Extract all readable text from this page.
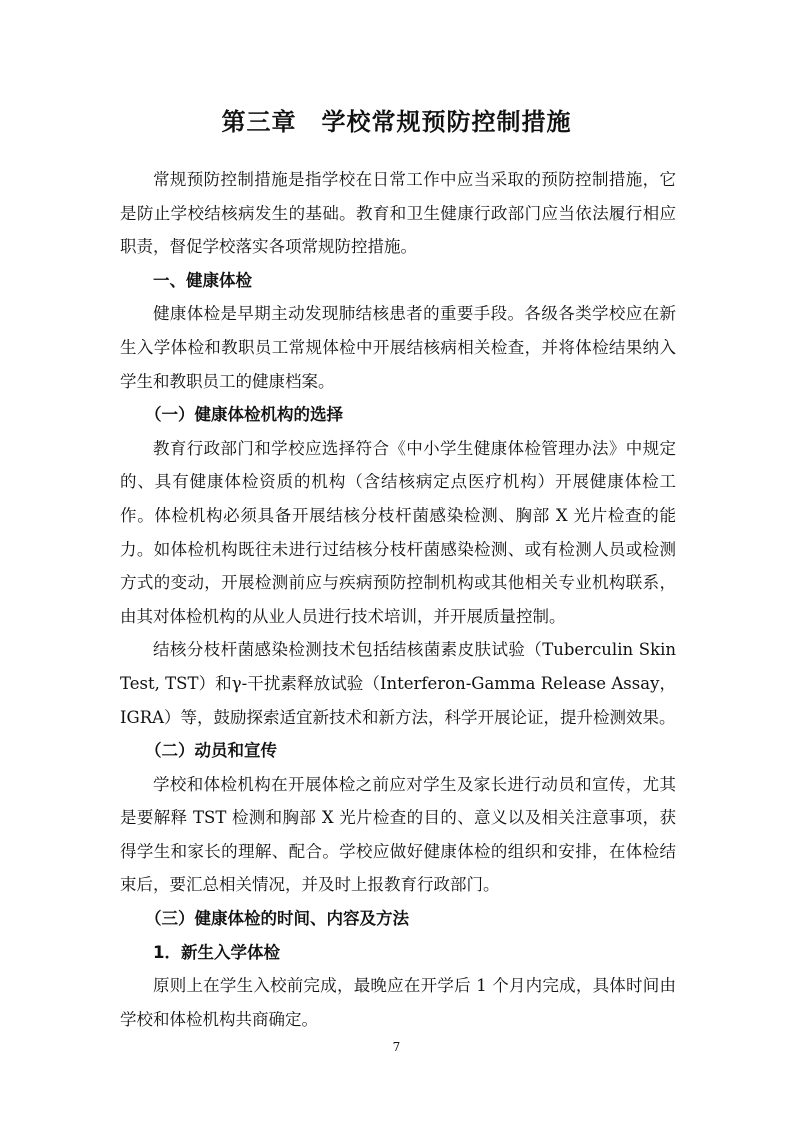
第三章　学校常规预防控制措施

常规预防控制措施是指学校在日常工作中应当采取的预防控制措施，它是防止学校结核病发生的基础。教育和卫生健康行政部门应当依法履行相应职责，督促学校落实各项常规防控措施。

一、健康体检

健康体检是早期主动发现肺结核患者的重要手段。各级各类学校应在新生入学体检和教职员工常规体检中开展结核病相关检查，并将体检结果纳入学生和教职员工的健康档案。

（一）健康体检机构的选择

教育行政部门和学校应选择符合《中小学生健康体检管理办法》中规定的、具有健康体检资质的机构（含结核病定点医疗机构）开展健康体检工作。体检机构必须具备开展结核分枝杆菌感染检测、胸部 X 光片检查的能力。如体检机构既往未进行过结核分枝杆菌感染检测、或有检测人员或检测方式的变动，开展检测前应与疾病预防控制机构或其他相关专业机构联系，由其对体检机构的从业人员进行技术培训，并开展质量控制。

结核分枝杆菌感染检测技术包括结核菌素皮肤试验（Tuberculin Skin Test, TST）和γ-干扰素释放试验（Interferon-Gamma Release Assay，IGRA）等，鼓励探索适宜新技术和新方法，科学开展论证，提升检测效果。

（二）动员和宣传

学校和体检机构在开展体检之前应对学生及家长进行动员和宣传，尤其是要解释 TST 检测和胸部 X 光片检查的目的、意义以及相关注意事项，获得学生和家长的理解、配合。学校应做好健康体检的组织和安排，在体检结束后，要汇总相关情况，并及时上报教育行政部门。

（三）健康体检的时间、内容及方法

1．新生入学体检

原则上在学生入校前完成，最晚应在开学后 1 个月内完成，具体时间由学校和体检机构共商确定。

7
